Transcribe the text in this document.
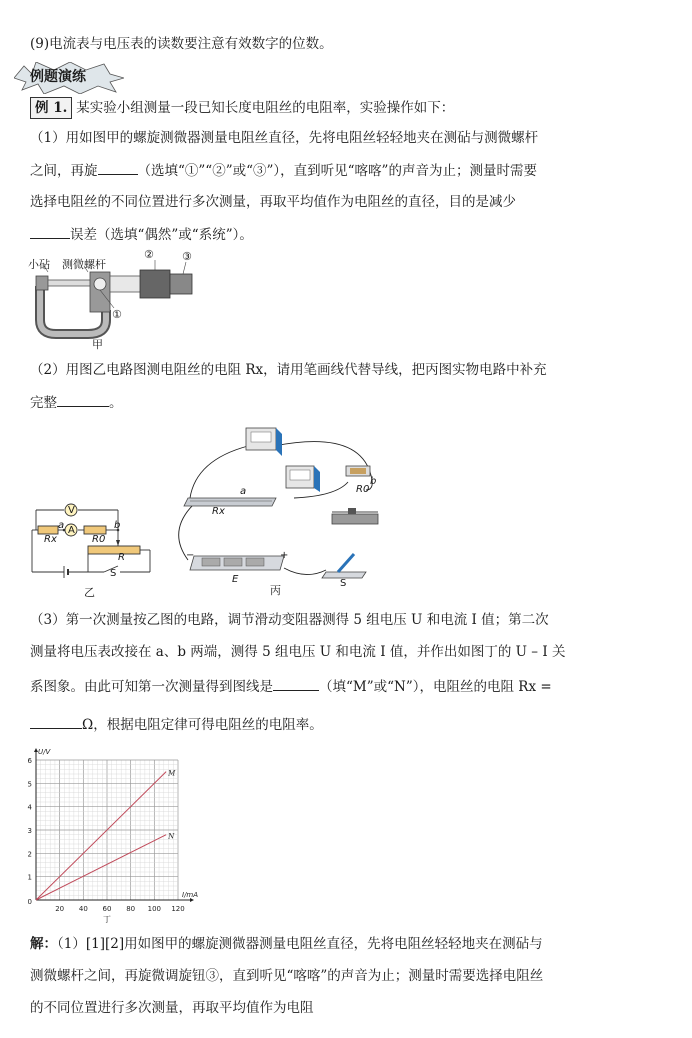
(9)电流表与电压表的读数要注意有效数字的位数。
例题演练
例 1. 某实验小组测量一段已知长度电阻丝的电阻率，实验操作如下：
（1）用如图甲的螺旋测微器测量电阻丝直径，先将电阻丝轻轻地夹在测砧与测微螺杆
之间，再旋	（选填“①”“②”或“③”），直到听见“喀喀”的声音为止；测量时需要
选择电阻丝的不同位置进行多次测量，再取平均值作为电阻丝的直径，目的是减少
误差（选填“偶然”或“系统”）。
小砧 测微螺杆
②	③
①
甲
（2）用图乙电路图测电阻丝的电阻 Rx，请用笔画线代替导线，把丙图实物电路中补充
完整	。
V
A
a	b
Rx	R0
R
S
乙
a
Rx
R0
b
−	+
E	S
丙
（3）第一次测量按乙图的电路，调节滑动变阻器测得 5 组电压 U 和电流 I 值；第二次
测量将电压表改接在 a、b 两端，测得 5 组电压 U 和电流 I 值，并作出如图丁的 U – I 关
系图象。由此可知第一次测量得到图线是	（填“M”或“N”），电阻丝的电阻 Rx =
Ω，根据电阻定律可得电阻丝的电阻率。
20 40 60 80 100 120
1
2
3
4
5
6
0
U/V
I/mA
丁
M
N
解：（1）[1][2]用如图甲的螺旋测微器测量电阻丝直径，先将电阻丝轻轻地夹在测砧与
测微螺杆之间，再旋微调旋钮③，直到听见“喀喀”的声音为止；测量时需要选择电阻丝
的不同位置进行多次测量，再取平均值作为电阻
